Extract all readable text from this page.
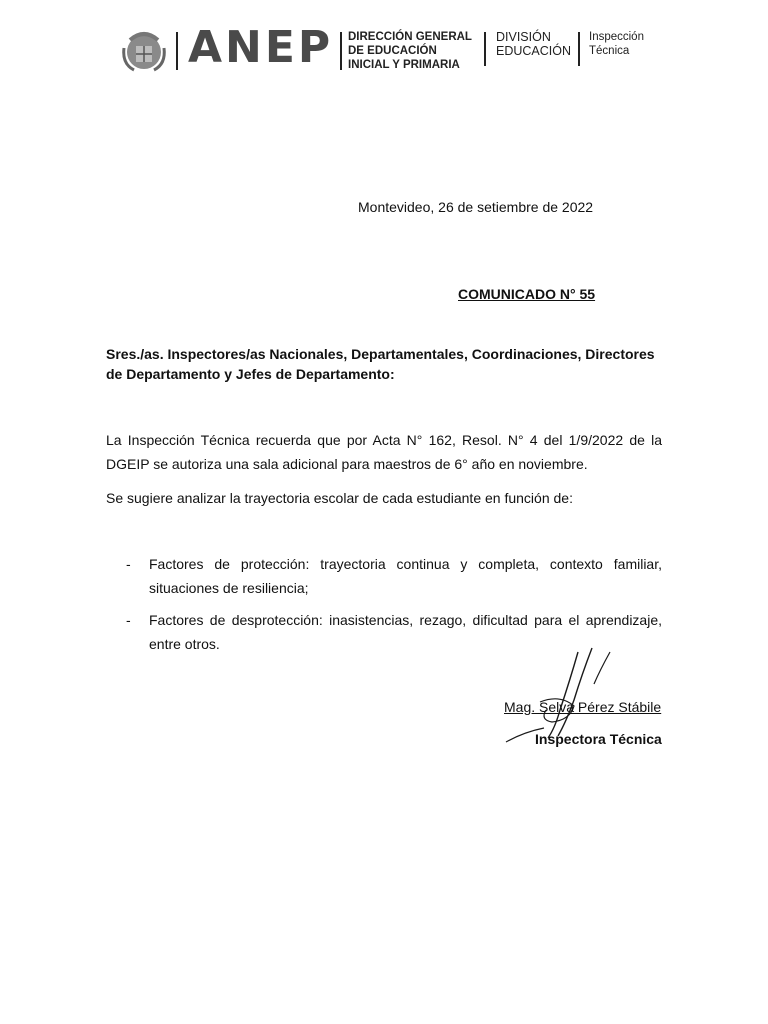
ANEP DIRECCIÓN GENERAL
DE EDUCACIÓN
INICIAL Y PRIMARIA
DIVISIÓN
EDUCACIÓN
Inspección
Técnica
Montevideo, 26 de setiembre de 2022
COMUNICADO N° 55
Sres./as. Inspectores/as Nacionales, Departamentales, Coordinaciones, Directores de Departamento y Jefes de Departamento:
La Inspección Técnica recuerda que por Acta N° 162, Resol. N° 4 del 1/9/2022 de la DGEIP se autoriza una sala adicional para maestros de 6° año en noviembre.
Se sugiere analizar la trayectoria escolar de cada estudiante en función de:
- Factores de protección: trayectoria continua y completa, contexto familiar, situaciones de resiliencia;
- Factores de desprotección: inasistencias, rezago, dificultad para el aprendizaje, entre otros.
Mag. Selva Pérez Stábile
Inspectora Técnica
